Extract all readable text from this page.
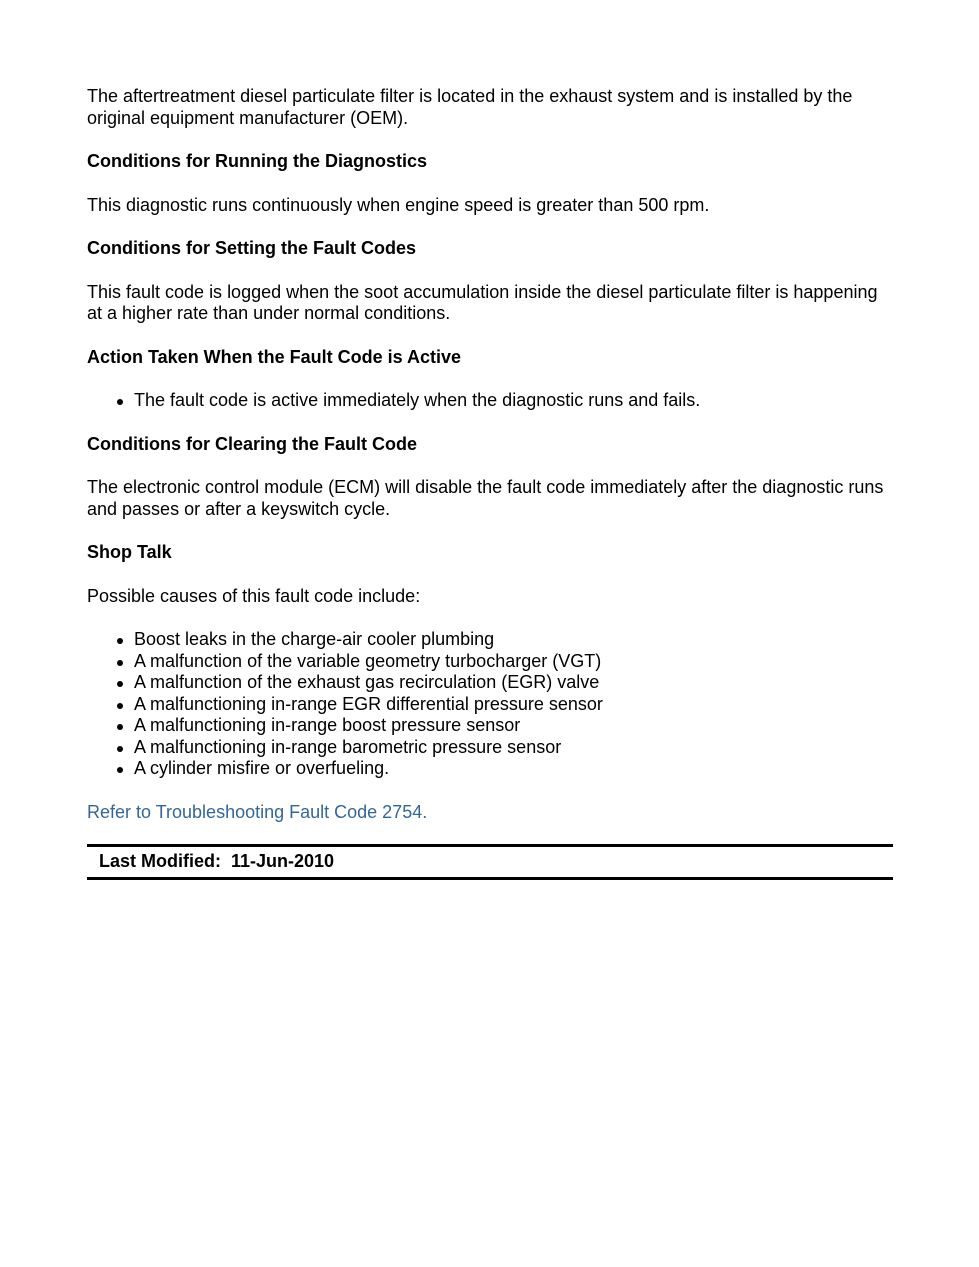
The aftertreatment diesel particulate filter is located in the exhaust system and is installed by the original equipment manufacturer (OEM).

Conditions for Running the Diagnostics

This diagnostic runs continuously when engine speed is greater than 500 rpm.

Conditions for Setting the Fault Codes

This fault code is logged when the soot accumulation inside the diesel particulate filter is happening at a higher rate than under normal conditions.

Action Taken When the Fault Code is Active

The fault code is active immediately when the diagnostic runs and fails.

Conditions for Clearing the Fault Code

The electronic control module (ECM) will disable the fault code immediately after the diagnostic runs and passes or after a keyswitch cycle.

Shop Talk

Possible causes of this fault code include:

Boost leaks in the charge-air cooler plumbing
A malfunction of the variable geometry turbocharger (VGT)
A malfunction of the exhaust gas recirculation (EGR) valve
A malfunctioning in-range EGR differential pressure sensor
A malfunctioning in-range boost pressure sensor
A malfunctioning in-range barometric pressure sensor
A cylinder misfire or overfueling.
Refer to Troubleshooting Fault Code 2754.
Last Modified: 11-Jun-2010
